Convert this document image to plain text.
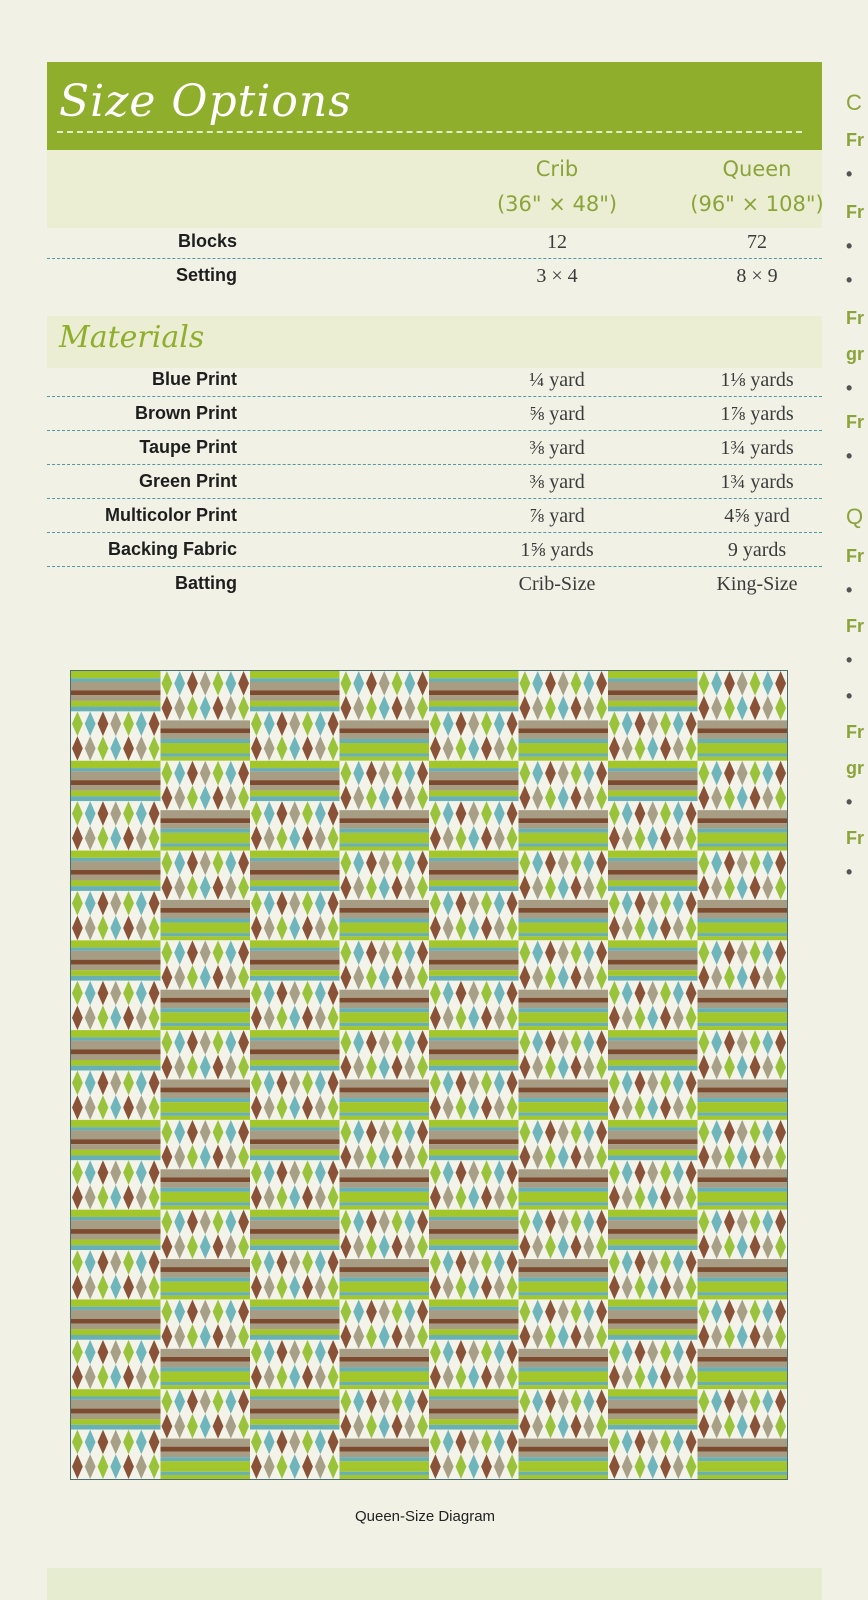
Size Options
Crib
(36" × 48")
Queen
(96" × 108")
Blocks	12	72
Setting	3 × 4	8 × 9
Materials
Blue Print	¼ yard	1⅛ yards
Brown Print	⅝ yard	1⅞ yards
Taupe Print	⅜ yard	1¾ yards
Green Print	⅜ yard	1¾ yards
Multicolor Print	⅞ yard	4⅝ yard
Backing Fabric	1⅝ yards	9 yards
Batting	Crib-Size	King-Size
C
Fr
•
Fr
•
•
Fr
gr
•
Fr
•
Q
Fr
•
Fr
•
•
Fr
gr
•
Fr
•
Queen-Size Diagram
